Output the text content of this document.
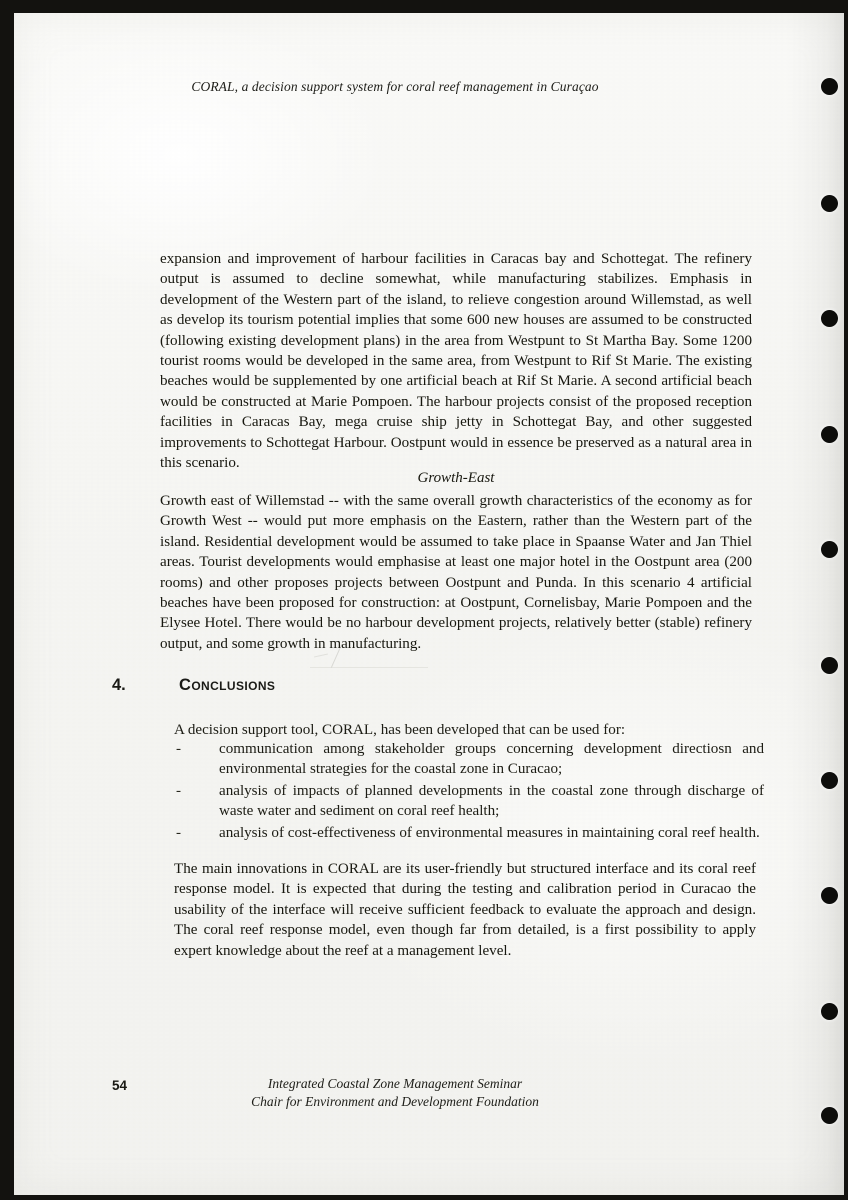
CORAL, a decision support system for coral reef management in Curaçao
expansion and improvement of harbour facilities in Caracas bay and Schottegat. The refinery output is assumed to decline somewhat, while manufacturing stabilizes. Emphasis in development of the Western part of the island, to relieve congestion around Willemstad, as well as develop its tourism potential implies that some 600 new houses are assumed to be constructed (following existing development plans) in the area from Westpunt to St Martha Bay. Some 1200 tourist rooms would be developed in the same area, from Westpunt to Rif St Marie. The existing beaches would be supplemented by one artificial beach at Rif St Marie. A second artificial beach would be constructed at Marie Pompoen. The harbour projects consist of the proposed reception facilities in Caracas Bay, mega cruise ship jetty in Schottegat Bay, and other suggested improvements to Schottegat Harbour. Oostpunt would in essence be preserved as a natural area in this scenario.
Growth-East
Growth east of Willemstad -- with the same overall growth characteristics of the economy as for Growth West -- would put more emphasis on the Eastern, rather than the Western part of the island. Residential development would be assumed to take place in Spaanse Water and Jan Thiel areas. Tourist developments would emphasise at least one major hotel in the Oostpunt area (200 rooms) and other proposes projects between Oostpunt and Punda. In this scenario 4 artificial beaches have been proposed for construction: at Oostpunt, Cornelisbay, Marie Pompoen and the Elysee Hotel. There would be no harbour development projects, relatively better (stable) refinery output, and some growth in manufacturing.
4.	Conclusions
A decision support tool, CORAL, has been developed that can be used for:
-	communication among stakeholder groups concerning development directiosn and environmental strategies for the coastal zone in Curacao;
-	analysis of impacts of planned developments in the coastal zone through discharge of waste water and sediment on coral reef health;
-	analysis of cost-effectiveness of environmental measures in maintaining coral reef health.
The main innovations in CORAL are its user-friendly but structured interface and its coral reef response model. It is expected that during the testing and calibration period in Curacao the usability of the interface will receive sufficient feedback to evaluate the approach and design. The coral reef response model, even though far from detailed, is a first possibility to apply expert knowledge about the reef at a management level.
54	Integrated Coastal Zone Management Seminar
Chair for Environment and Development Foundation
